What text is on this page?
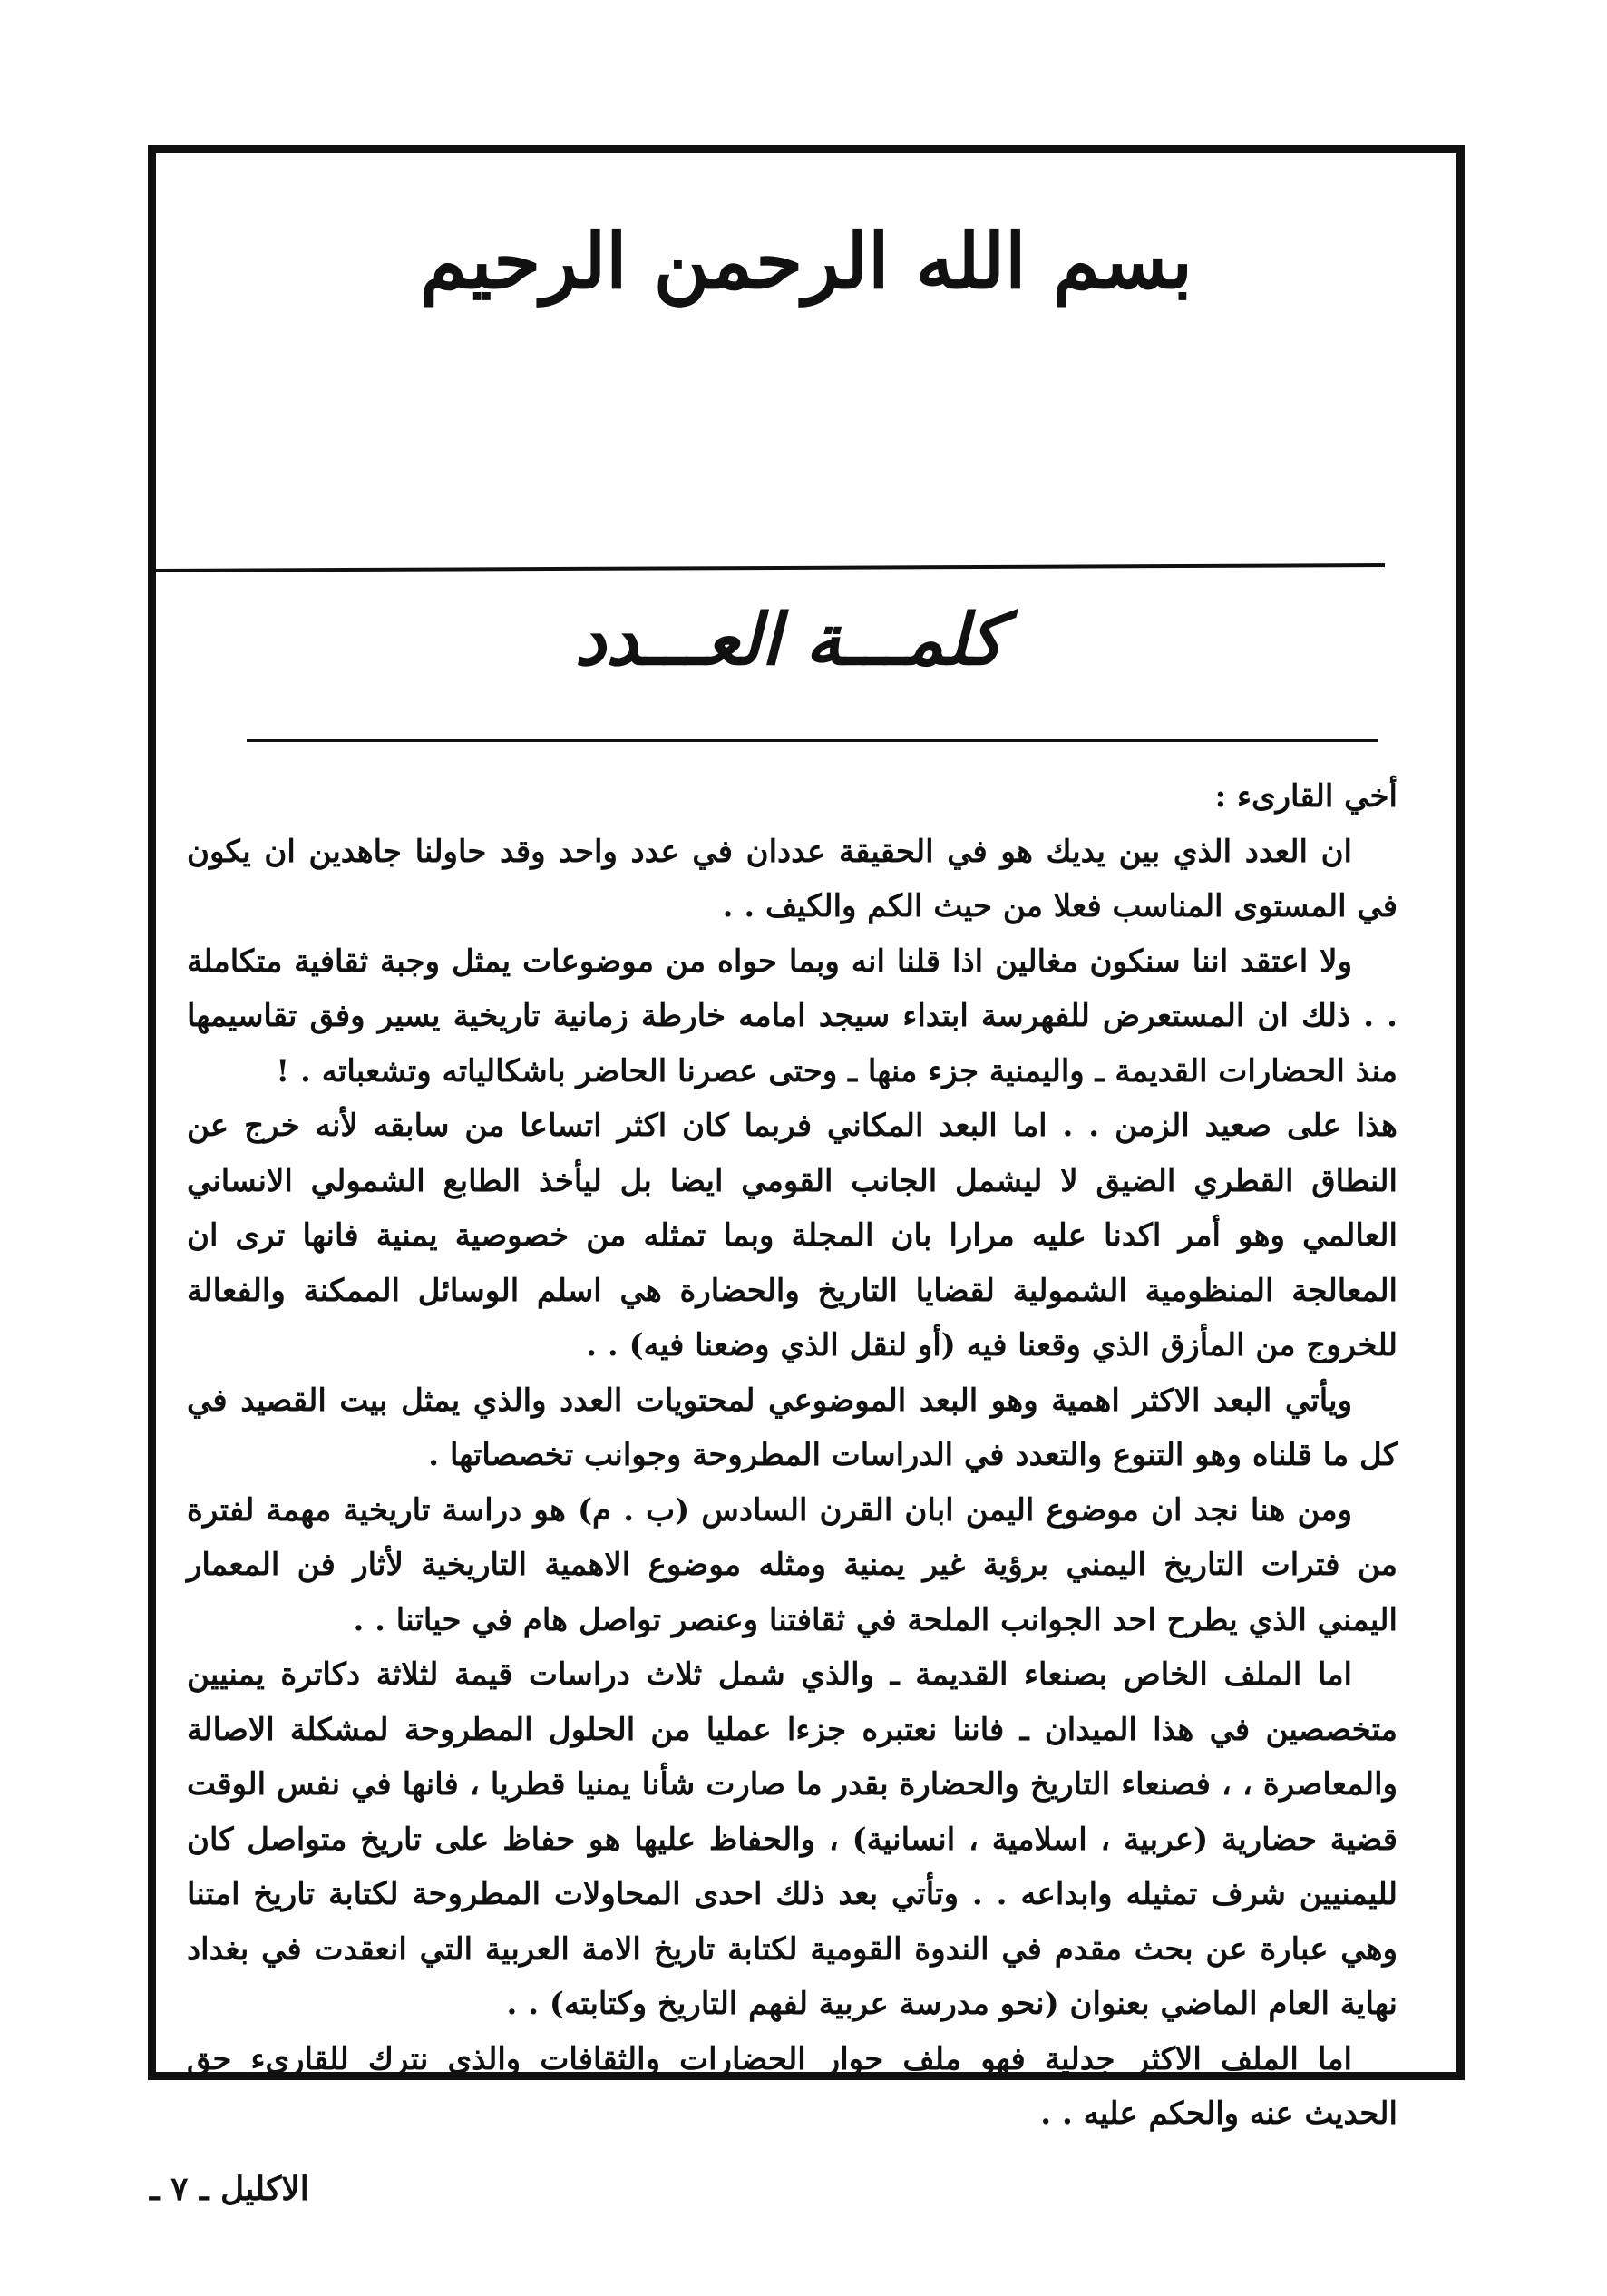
بسم الله الرحمن الرحيم
كلمـــة العـــدد

أخي القارىء :

ان العدد الذي بين يديك هو في الحقيقة عددان في عدد واحد وقد حاولنا جاهدين ان يكون في المستوى المناسب فعلا من حيث الكم والكيف . .

ولا اعتقد اننا سنكون مغالين اذا قلنا انه وبما حواه من موضوعات يمثل وجبة ثقافية متكاملة . . ذلك ان المستعرض للفهرسة ابتداء سيجد امامه خارطة زمانية تاريخية يسير وفق تقاسيمها منذ الحضارات القديمة ـ واليمنية جزء منها ـ وحتى عصرنا الحاضر باشكالياته وتشعباته . !

هذا على صعيد الزمن . . اما البعد المكاني فربما كان اكثر اتساعا من سابقه لأنه خرج عن النطاق القطري الضيق لا ليشمل الجانب القومي ايضا بل ليأخذ الطابع الشمولي الانساني العالمي وهو أمر اكدنا عليه مرارا بان المجلة وبما تمثله من خصوصية يمنية فانها ترى ان المعالجة المنظومية الشمولية لقضايا التاريخ والحضارة هي اسلم الوسائل الممكنة والفعالة للخروج من المأزق الذي وقعنا فيه (أو لنقل الذي وضعنا فيه) . .

ويأتي البعد الاكثر اهمية وهو البعد الموضوعي لمحتويات العدد والذي يمثل بيت القصيد في كل ما قلناه وهو التنوع والتعدد في الدراسات المطروحة وجوانب تخصصاتها .

ومن هنا نجد ان موضوع اليمن ابان القرن السادس (ب . م) هو دراسة تاريخية مهمة لفترة من فترات التاريخ اليمني برؤية غير يمنية ومثله موضوع الاهمية التاريخية لأثار فن المعمار اليمني الذي يطرح احد الجوانب الملحة في ثقافتنا وعنصر تواصل هام في حياتنا . .

اما الملف الخاص بصنعاء القديمة ـ والذي شمل ثلاث دراسات قيمة لثلاثة دكاترة يمنيين متخصصين في هذا الميدان ـ فاننا نعتبره جزءا عمليا من الحلول المطروحة لمشكلة الاصالة والمعاصرة ، ، فصنعاء التاريخ والحضارة بقدر ما صارت شأنا يمنيا قطريا ، فانها في نفس الوقت قضية حضارية (عربية ، اسلامية ، انسانية) ، والحفاظ عليها هو حفاظ على تاريخ متواصل كان لليمنيين شرف تمثيله وابداعه . . وتأتي بعد ذلك احدى المحاولات المطروحة لكتابة تاريخ امتنا وهي عبارة عن بحث مقدم في الندوة القومية لكتابة تاريخ الامة العربية التي انعقدت في بغداد نهاية العام الماضي بعنوان (نحو مدرسة عربية لفهم التاريخ وكتابته) . .

اما الملف الاكثر جدلية فهو ملف حوار الحضارات والثقافات والذي نترك للقارىء حق الحديث عنه والحكم عليه . .

الاكليل ـ ٧ ـ
